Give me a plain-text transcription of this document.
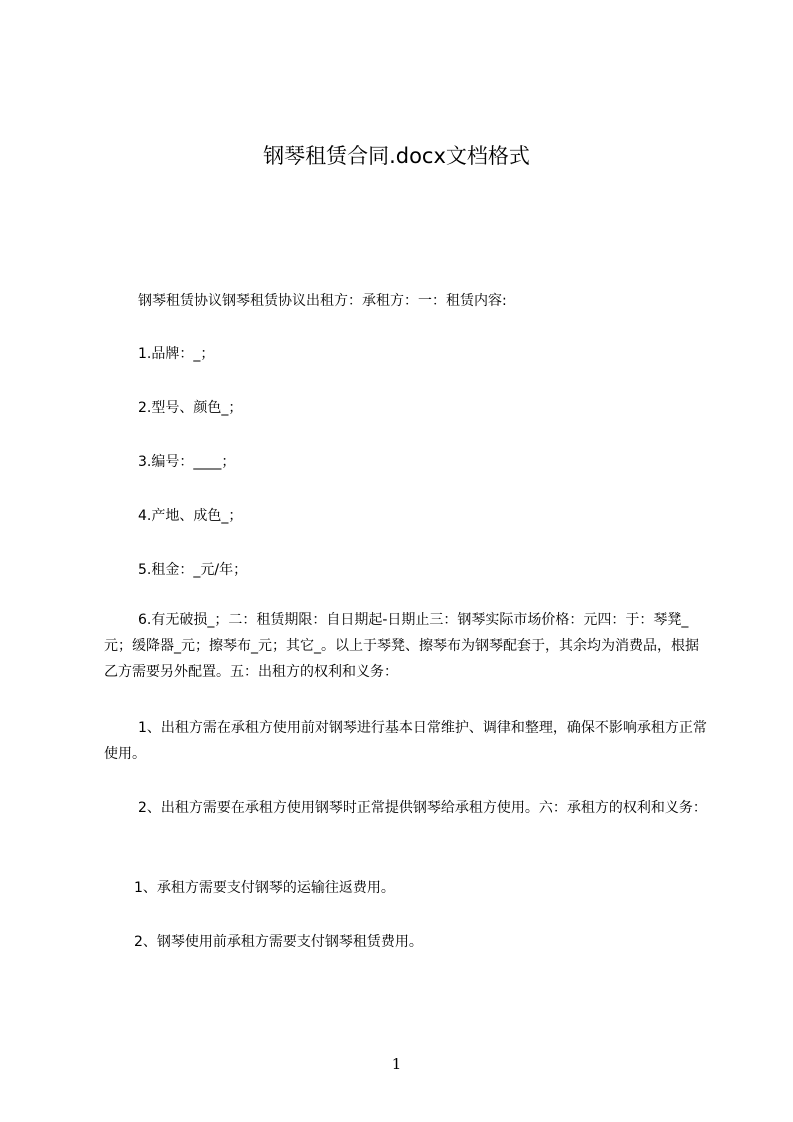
钢琴租赁合同.docx文档格式

钢琴租赁协议钢琴租赁协议出租方：承租方：一：租赁内容:

1.品牌：_；

2.型号、颜色_；

3.编号：____；

4.产地、成色_；

5.租金：_元/年；

6.有无破损_；二：租赁期限：自日期起-日期止三：钢琴实际市场价格：元四：于：琴凳_元；缓降器_元；擦琴布_元；其它_。以上于琴凳、擦琴布为钢琴配套于，其余均为消费品，根据乙方需要另外配置。五：出租方的权利和义务：

1、出租方需在承租方使用前对钢琴进行基本日常维护、调律和整理，确保不影响承租方正常使用。

2、出租方需要在承租方使用钢琴时正常提供钢琴给承租方使用。六：承租方的权利和义务：

1、承租方需要支付钢琴的运输往返费用。

2、钢琴使用前承租方需要支付钢琴租赁费用。

1
